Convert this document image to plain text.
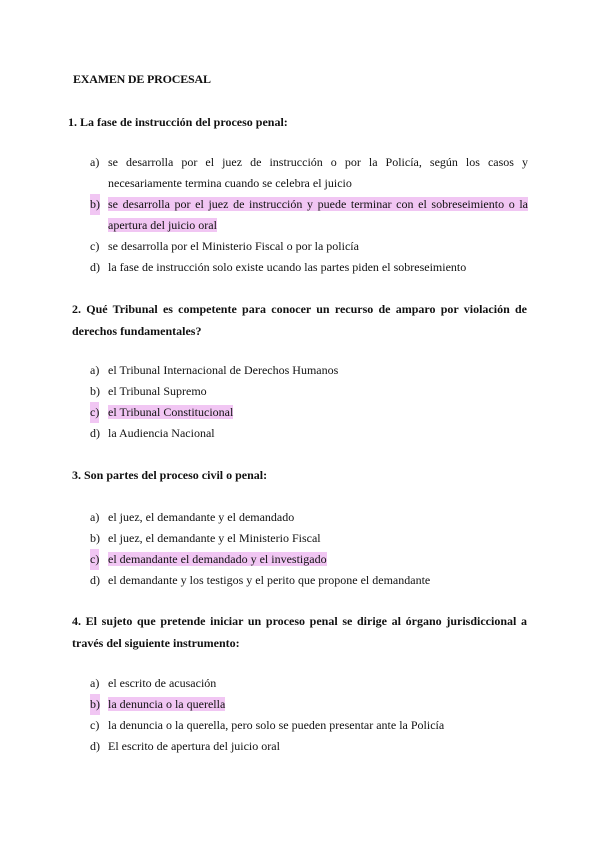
EXAMEN DE PROCESAL
1. La fase de instrucción del proceso penal:
a) se desarrolla por el juez de instrucción o por la Policía, según los casos y necesariamente termina cuando se celebra el juicio
b) se desarrolla por el juez de instrucción y puede terminar con el sobreseimiento o la apertura del juicio oral
c) se desarrolla por el Ministerio Fiscal o por la policía
d) la fase de instrucción solo existe ucando las partes piden el sobreseimiento
2. Qué Tribunal es competente para conocer un recurso de amparo por violación de derechos fundamentales?
a) el Tribunal Internacional de Derechos Humanos
b) el Tribunal Supremo
c) el Tribunal Constitucional
d) la Audiencia Nacional
3. Son partes del proceso civil o penal:
a) el juez, el demandante y el demandado
b) el juez, el demandante y el Ministerio Fiscal
c) el demandante el demandado y el investigado
d) el demandante y los testigos y el perito que propone el demandante
4. El sujeto que pretende iniciar un proceso penal se dirige al órgano jurisdiccional a través del siguiente instrumento:
a) el escrito de acusación
b) la denuncia o la querella
c) la denuncia o la querella, pero solo se pueden presentar ante la Policía
d) El escrito de apertura del juicio oral
